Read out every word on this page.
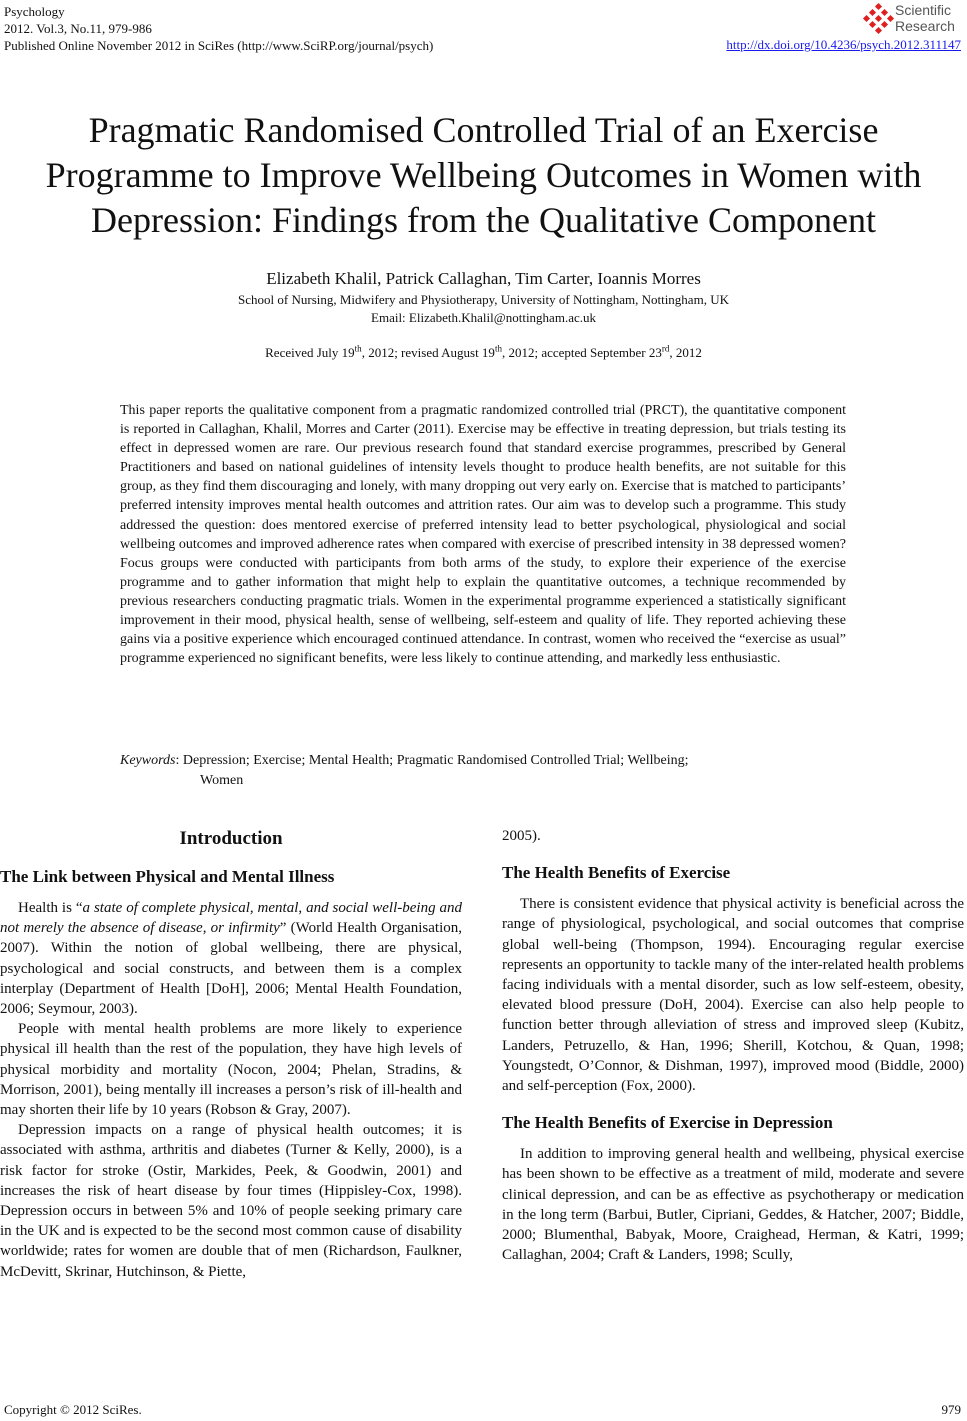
Psychology
2012. Vol.3, No.11, 979-986
Published Online November 2012 in SciRes (http://www.SciRP.org/journal/psych)
Scientific
Research
http://dx.doi.org/10.4236/psych.2012.311147
Pragmatic Randomised Controlled Trial of an Exercise
Programme to Improve Wellbeing Outcomes in Women with
Depression: Findings from the Qualitative Component
Elizabeth Khalil, Patrick Callaghan, Tim Carter, Ioannis Morres
School of Nursing, Midwifery and Physiotherapy, University of Nottingham, Nottingham, UK
Email: Elizabeth.Khalil@nottingham.ac.uk
Received July 19th, 2012; revised August 19th, 2012; accepted September 23rd, 2012

This paper reports the qualitative component from a pragmatic randomized controlled trial (PRCT), the quantitative component is reported in Callaghan, Khalil, Morres and Carter (2011). Exercise may be effective in treating depression, but trials testing its effect in depressed women are rare. Our previous research found that standard exercise programmes, prescribed by General Practitioners and based on national guidelines of intensity levels thought to produce health benefits, are not suitable for this group, as they find them discouraging and lonely, with many dropping out very early on. Exercise that is matched to participants’ preferred intensity improves mental health outcomes and attrition rates. Our aim was to develop such a programme. This study addressed the question: does mentored exercise of preferred intensity lead to better psychological, physiological and social wellbeing outcomes and improved adherence rates when compared with exercise of prescribed intensity in 38 depressed women? Focus groups were conducted with participants from both arms of the study, to explore their experience of the exercise programme and to gather information that might help to explain the quantitative outcomes, a technique recommended by previous researchers conducting pragmatic trials. Women in the experimental programme experienced a statistically significant improvement in their mood, physical health, sense of wellbeing, self-esteem and quality of life. They reported achieving these gains via a positive experience which encouraged continued attendance. In contrast, women who received the “exercise as usual” programme experienced no significant benefits, were less likely to continue attending, and markedly less enthusiastic.

Keywords: Depression; Exercise; Mental Health; Pragmatic Randomised Controlled Trial; Wellbeing;
Women
Introduction
The Link between Physical and Mental Illness

Health is “a state of complete physical, mental, and social well-being and not merely the absence of disease, or infirmity” (World Health Organisation, 2007). Within the notion of global wellbeing, there are physical, psychological and social constructs, and between them is a complex interplay (Department of Health [DoH], 2006; Mental Health Foundation, 2006; Seymour, 2003).

People with mental health problems are more likely to experience physical ill health than the rest of the population, they have high levels of physical morbidity and mortality (Nocon, 2004; Phelan, Stradins, & Morrison, 2001), being mentally ill increases a person’s risk of ill-health and may shorten their life by 10 years (Robson & Gray, 2007).

Depression impacts on a range of physical health outcomes; it is associated with asthma, arthritis and diabetes (Turner & Kelly, 2000), is a risk factor for stroke (Ostir, Markides, Peek, & Goodwin, 2001) and increases the risk of heart disease by four times (Hippisley-Cox, 1998). Depression occurs in between 5% and 10% of people seeking primary care in the UK and is expected to be the second most common cause of disability worldwide; rates for women are double that of men (Richardson, Faulkner, McDevitt, Skrinar, Hutchinson, & Piette,

2005).

The Health Benefits of Exercise

There is consistent evidence that physical activity is beneficial across the range of physiological, psychological, and social outcomes that comprise global well-being (Thompson, 1994). Encouraging regular exercise represents an opportunity to tackle many of the inter-related health problems facing individuals with a mental disorder, such as low self-esteem, obesity, elevated blood pressure (DoH, 2004). Exercise can also help people to function better through alleviation of stress and improved sleep (Kubitz, Landers, Petruzello, & Han, 1996; Sherill, Kotchou, & Quan, 1998; Youngstedt, O’Connor, & Dishman, 1997), improved mood (Biddle, 2000) and self-perception (Fox, 2000).

The Health Benefits of Exercise in Depression

In addition to improving general health and wellbeing, physical exercise has been shown to be effective as a treatment of mild, moderate and severe clinical depression, and can be as effective as psychotherapy or medication in the long term (Barbui, Butler, Cipriani, Geddes, & Hatcher, 2007; Biddle, 2000; Blumenthal, Babyak, Moore, Craighead, Herman, & Katri, 1999; Callaghan, 2004; Craft & Landers, 1998; Scully,

Copyright © 2012 SciRes.	979
